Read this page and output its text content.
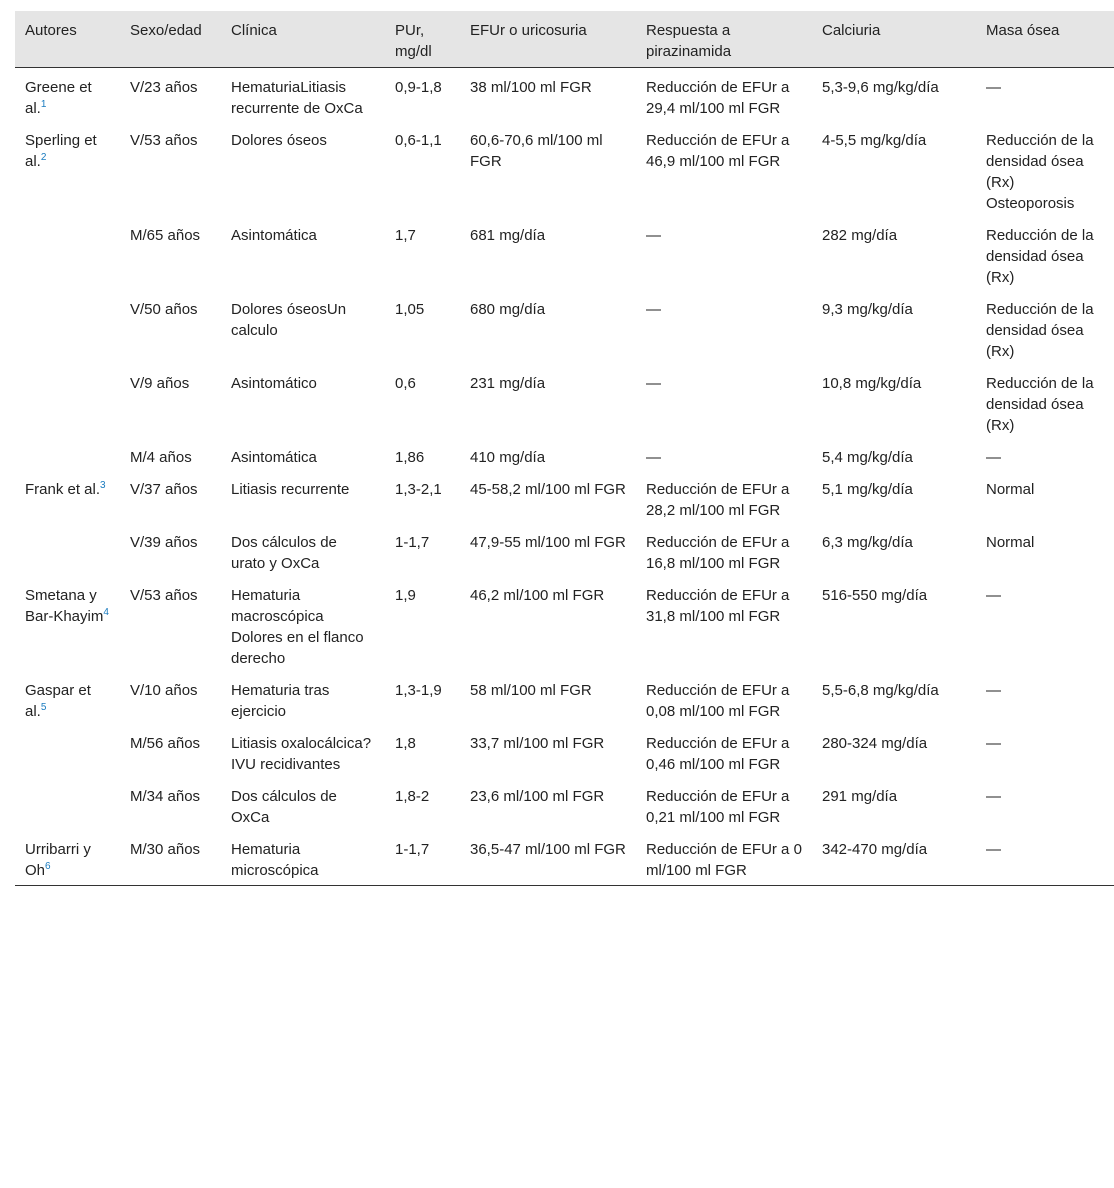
Autores	Sexo/edad	Clínica	PUr, mg/dl	EFUr o uricosuria	Respuesta a pirazinamida	Calciuria	Masa ósea
Greene et al.$^1$	V/23 años	HematuriaLitiasis recurrente de OxCa	0,9-1,8	38 ml/100 ml FGR	Reducción de EFUr a 29,4 ml/100 ml FGR	5,3-9,6 mg/kg/día	—
Sperling et al.$^2$	V/53 años	Dolores óseos	0,6-1,1	60,6-70,6 ml/100 ml FGR	Reducción de EFUr a 46,9 ml/100 ml FGR	4-5,5 mg/kg/día	Reducción de la densidad ósea (Rx) Osteoporosis
	M/65 años	Asintomática	1,7	681 mg/día	—	282 mg/día	Reducción de la densidad ósea (Rx)
	V/50 años	Dolores óseosUn calculo	1,05	680 mg/día	—	9,3 mg/kg/día	Reducción de la densidad ósea (Rx)
	V/9 años	Asintomático	0,6	231 mg/día	—	10,8 mg/kg/día	Reducción de la densidad ósea (Rx)
	M/4 años	Asintomática	1,86	410 mg/día	—	5,4 mg/kg/día	—
Frank et al.$^3$	V/37 años	Litiasis recurrente	1,3-2,1	45-58,2 ml/100 ml FGR	Reducción de EFUr a 28,2 ml/100 ml FGR	5,1 mg/kg/día	Normal
	V/39 años	Dos cálculos de urato y OxCa	1-1,7	47,9-55 ml/100 ml FGR	Reducción de EFUr a 16,8 ml/100 ml FGR	6,3 mg/kg/día	Normal
Smetana y Bar-Khayim$^4$	V/53 años	Hematuria macroscópica Dolores en el flanco derecho	1,9	46,2 ml/100 ml FGR	Reducción de EFUr a 31,8 ml/100 ml FGR	516-550 mg/día	—
Gaspar et al.$^5$	V/10 años	Hematuria tras ejercicio	1,3-1,9	58 ml/100 ml FGR	Reducción de EFUr a 0,08 ml/100 ml FGR	5,5-6,8 mg/kg/día	—
	M/56 años	Litiasis oxalocálcica? IVU recidivantes	1,8	33,7 ml/100 ml FGR	Reducción de EFUr a 0,46 ml/100 ml FGR	280-324 mg/día	—
	M/34 años	Dos cálculos de OxCa	1,8-2	23,6 ml/100 ml FGR	Reducción de EFUr a 0,21 ml/100 ml FGR	291 mg/día	—
Urribarri y Oh$^6$	M/30 años	Hematuria microscópica	1-1,7	36,5-47 ml/100 ml FGR	Reducción de EFUr a 0 ml/100 ml FGR	342-470 mg/día	—
